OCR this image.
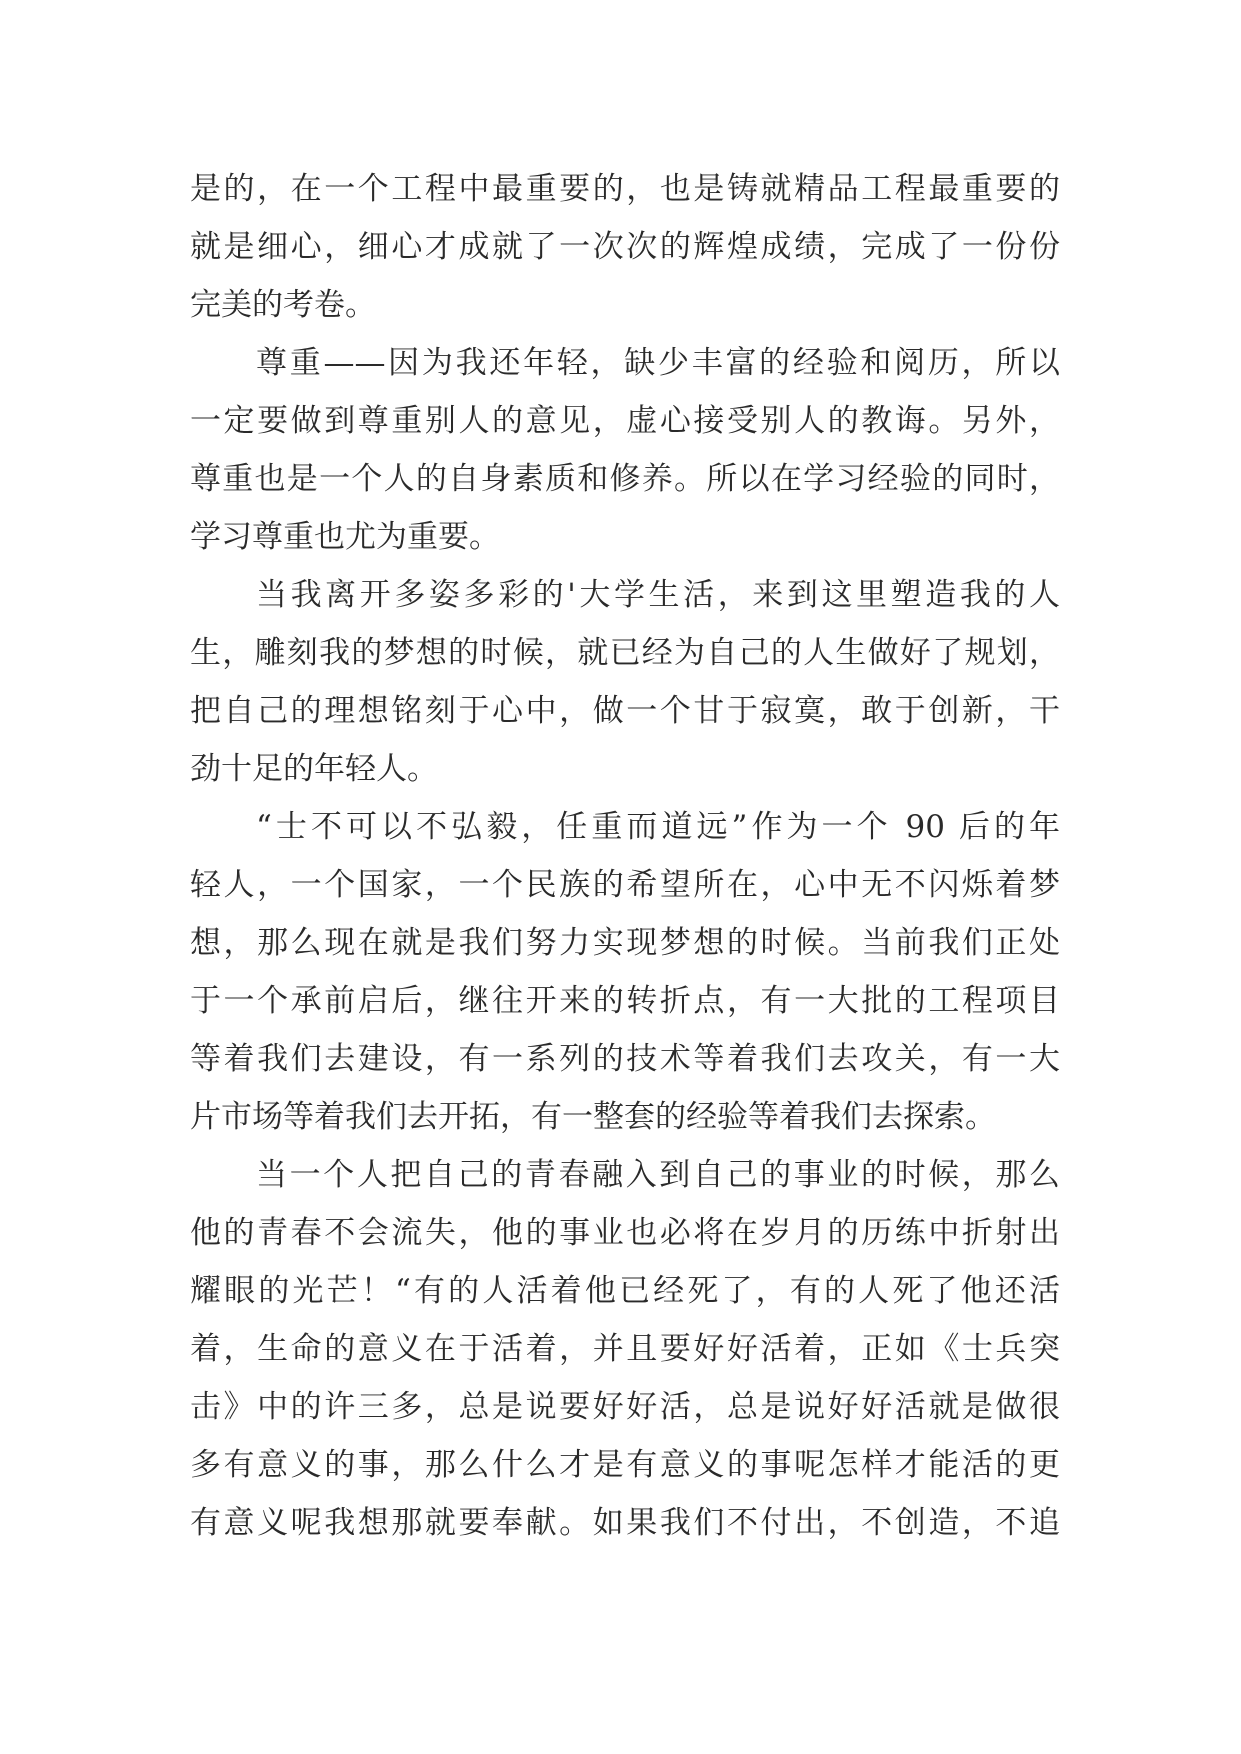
是的，在一个工程中最重要的，也是铸就精品工程最重要的
就是细心，细心才成就了一次次的辉煌成绩，完成了一份份
完美的考卷。
尊重——因为我还年轻，缺少丰富的经验和阅历，所以
一定要做到尊重别人的意见，虚心接受别人的教诲。另外，
尊重也是一个人的自身素质和修养。所以在学习经验的同时，
学习尊重也尤为重要。
当我离开多姿多彩的'大学生活，来到这里塑造我的人
生，雕刻我的梦想的时候，就已经为自己的人生做好了规划，
把自己的理想铭刻于心中，做一个甘于寂寞，敢于创新，干
劲十足的年轻人。
“士不可以不弘毅，任重而道远”作为一个 90 后的年
轻人，一个国家，一个民族的希望所在，心中无不闪烁着梦
想，那么现在就是我们努力实现梦想的时候。当前我们正处
于一个承前启后，继往开来的转折点，有一大批的工程项目
等着我们去建设，有一系列的技术等着我们去攻关，有一大
片市场等着我们去开拓，有一整套的经验等着我们去探索。
当一个人把自己的青春融入到自己的事业的时候，那么
他的青春不会流失，他的事业也必将在岁月的历练中折射出
耀眼的光芒！“有的人活着他已经死了，有的人死了他还活
着，生命的意义在于活着，并且要好好活着，正如《士兵突
击》中的许三多，总是说要好好活，总是说好好活就是做很
多有意义的事，那么什么才是有意义的事呢怎样才能活的更
有意义呢我想那就要奉献。如果我们不付出，不创造，不追
